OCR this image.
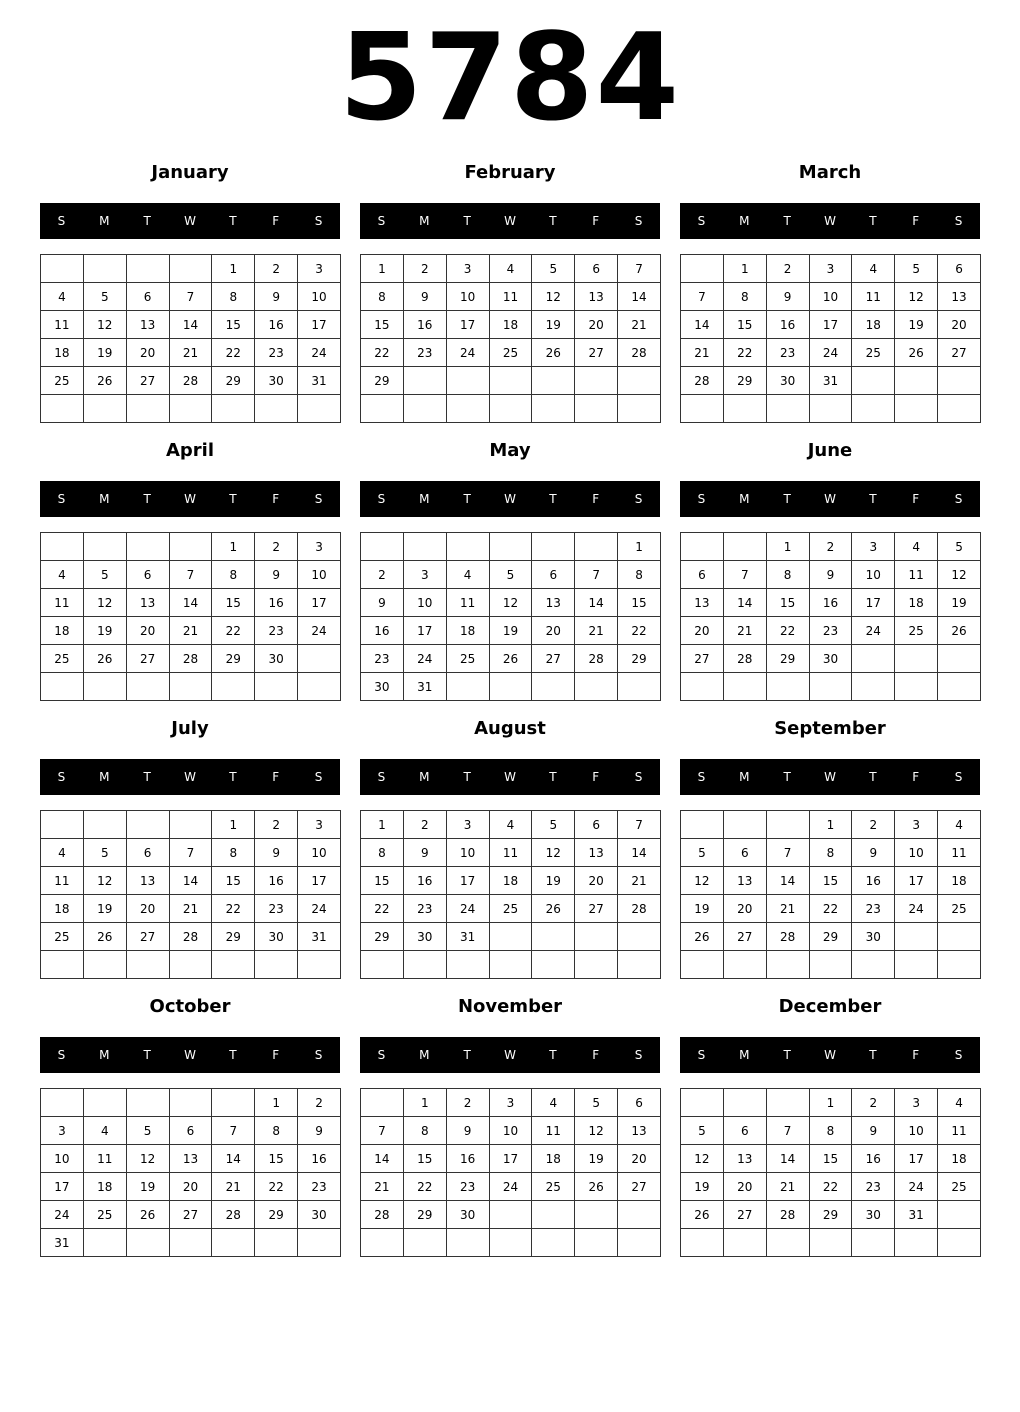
5784
January
S	M	T	W	T	F	S
				1	2	3
4	5	6	7	8	9	10
11	12	13	14	15	16	17
18	19	20	21	22	23	24
25	26	27	28	29	30	31

February
S	M	T	W	T	F	S
1	2	3	4	5	6	7
8	9	10	11	12	13	14
15	16	17	18	19	20	21
22	23	24	25	26	27	28
29						

March
S	M	T	W	T	F	S
	1	2	3	4	5	6
7	8	9	10	11	12	13
14	15	16	17	18	19	20
21	22	23	24	25	26	27
28	29	30	31			

April
S	M	T	W	T	F	S
				1	2	3
4	5	6	7	8	9	10
11	12	13	14	15	16	17
18	19	20	21	22	23	24
25	26	27	28	29	30	

May
S	M	T	W	T	F	S
						1
2	3	4	5	6	7	8
9	10	11	12	13	14	15
16	17	18	19	20	21	22
23	24	25	26	27	28	29
30	31					
June
S	M	T	W	T	F	S
		1	2	3	4	5
6	7	8	9	10	11	12
13	14	15	16	17	18	19
20	21	22	23	24	25	26
27	28	29	30			

July
S	M	T	W	T	F	S
				1	2	3
4	5	6	7	8	9	10
11	12	13	14	15	16	17
18	19	20	21	22	23	24
25	26	27	28	29	30	31

August
S	M	T	W	T	F	S
1	2	3	4	5	6	7
8	9	10	11	12	13	14
15	16	17	18	19	20	21
22	23	24	25	26	27	28
29	30	31				

September
S	M	T	W	T	F	S
			1	2	3	4
5	6	7	8	9	10	11
12	13	14	15	16	17	18
19	20	21	22	23	24	25
26	27	28	29	30		

October
S	M	T	W	T	F	S
					1	2
3	4	5	6	7	8	9
10	11	12	13	14	15	16
17	18	19	20	21	22	23
24	25	26	27	28	29	30
31						
November
S	M	T	W	T	F	S
	1	2	3	4	5	6
7	8	9	10	11	12	13
14	15	16	17	18	19	20
21	22	23	24	25	26	27
28	29	30				

December
S	M	T	W	T	F	S
			1	2	3	4
5	6	7	8	9	10	11
12	13	14	15	16	17	18
19	20	21	22	23	24	25
26	27	28	29	30	31	
